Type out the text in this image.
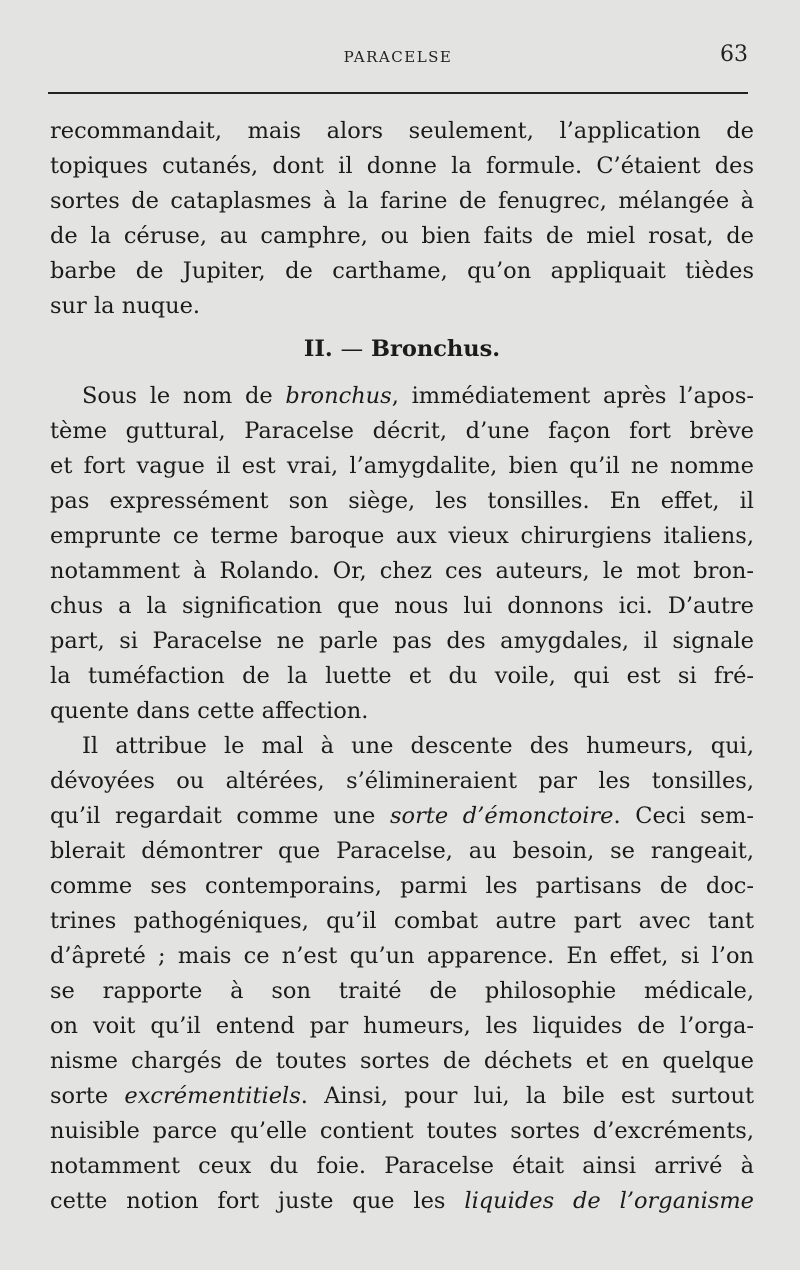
PARACELSE	63
recommandait, mais alors seulement, l’application de
topiques cutanés, dont il donne la formule. C’étaient des
sortes de cataplasmes à la farine de fenugrec, mélangée à
de la céruse, au camphre, ou bien faits de miel rosat, de
barbe de Jupiter, de carthame, qu’on appliquait tièdes
sur la nuque.
II. — Bronchus.
Sous le nom de bronchus, immédiatement après l’apos-
tème guttural, Paracelse décrit, d’une façon fort brève
et fort vague il est vrai, l’amygdalite, bien qu’il ne nomme
pas expressément son siège, les tonsilles. En effet, il
emprunte ce terme baroque aux vieux chirurgiens italiens,
notamment à Rolando. Or, chez ces auteurs, le mot bron-
chus a la signification que nous lui donnons ici. D’autre
part, si Paracelse ne parle pas des amygdales, il signale
la tuméfaction de la luette et du voile, qui est si fré-
quente dans cette affection.
Il attribue le mal à une descente des humeurs, qui,
dévoyées ou altérées, s’élimineraient par les tonsilles,
qu’il regardait comme une sorte d’émonctoire. Ceci sem-
blerait démontrer que Paracelse, au besoin, se rangeait,
comme ses contemporains, parmi les partisans de doc-
trines pathogéniques, qu’il combat autre part avec tant
d’âpreté ; mais ce n’est qu’un apparence. En effet, si l’on
se rapporte à son traité de philosophie médicale,
on voit qu’il entend par humeurs, les liquides de l’orga-
nisme chargés de toutes sortes de déchets et en quelque
sorte excrémentitiels. Ainsi, pour lui, la bile est surtout
nuisible parce qu’elle contient toutes sortes d’excréments,
notamment ceux du foie. Paracelse était ainsi arrivé à
cette notion fort juste que les liquides de l’organisme
